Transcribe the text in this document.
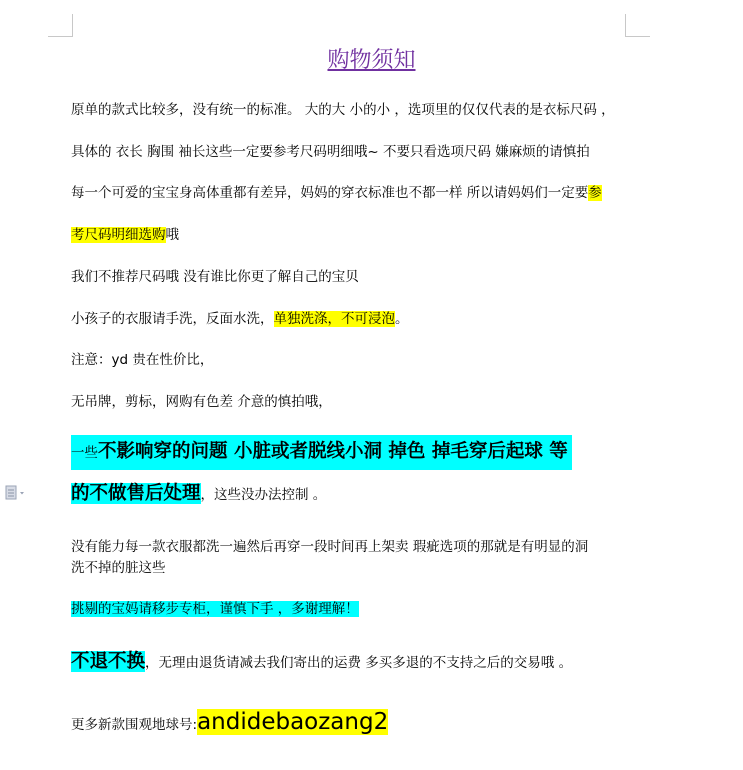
购物须知
原单的款式比较多，没有统一的标准。 大的大 小的小 ，选项里的仅仅代表的是衣标尺码 ，
具体的 衣长 胸围 袖长这些一定要参考尺码明细哦~ 不要只看选项尺码 嫌麻烦的请慎拍
每一个可爱的宝宝身高体重都有差异，妈妈的穿衣标准也不都一样 所以请妈妈们一定要参
考尺码明细选购哦
我们不推荐尺码哦 没有谁比你更了解自己的宝贝
小孩子的衣服请手洗，反面水洗，单独洗涤，不可浸泡。
注意：yd 贵在性价比，
无吊牌，剪标，网购有色差 介意的慎拍哦，
一些不影响穿的问题 小脏或者脱线小洞 掉色 掉毛穿后起球 等
的不做售后处理，这些没办法控制 。
没有能力每一款衣服都洗一遍然后再穿一段时间再上架卖 瑕疵选项的那就是有明显的洞
洗不掉的脏这些
挑剔的宝妈请移步专柜，谨慎下手 ，多谢理解！
不退不换，无理由退货请减去我们寄出的运费 多买多退的不支持之后的交易哦 。
更多新款围观地球号:andidebaozang2
